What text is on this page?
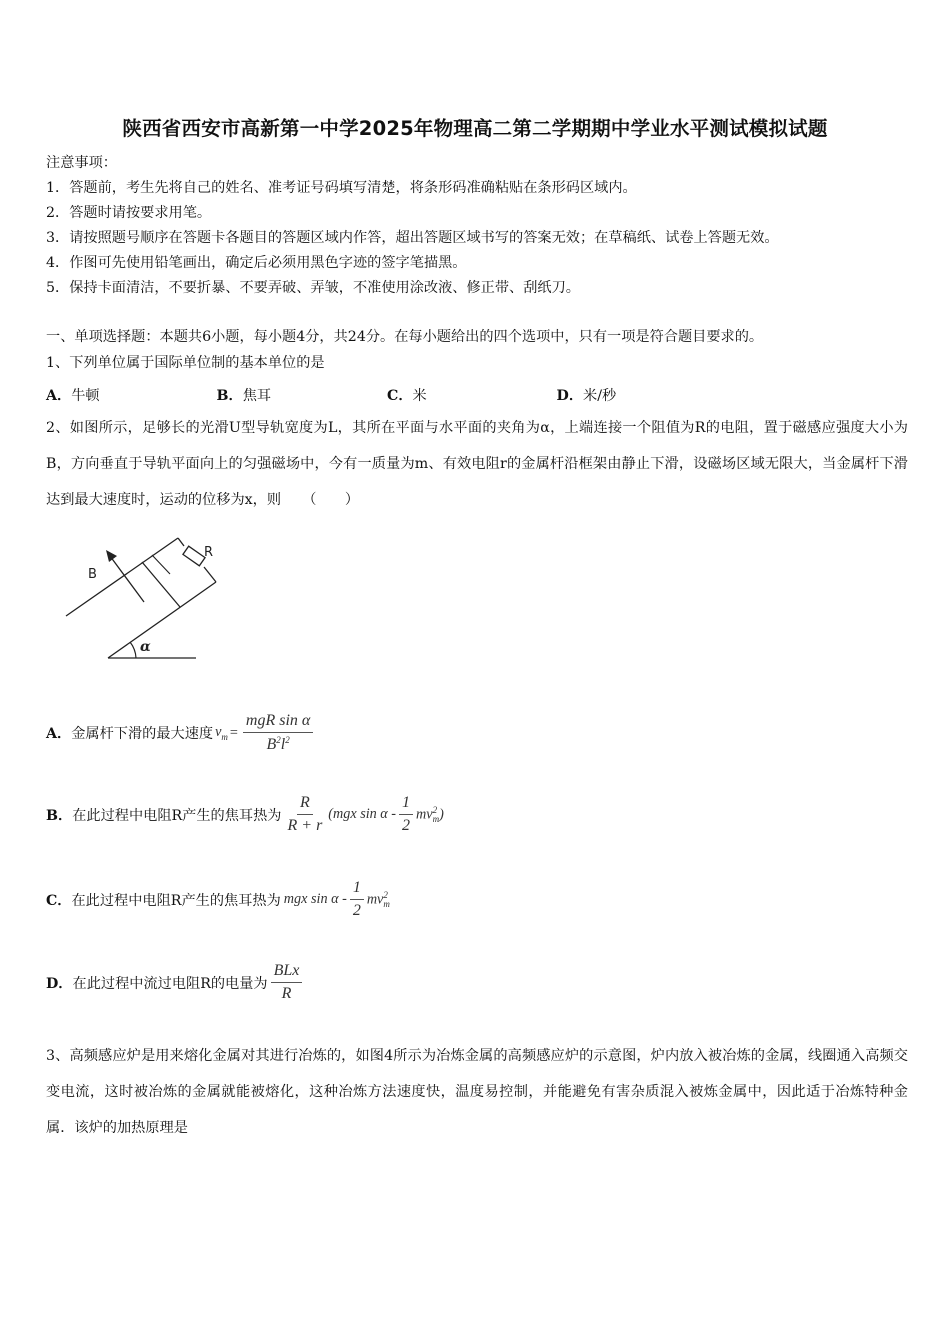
陕西省西安市高新第一中学2025年物理高二第二学期期中学业水平测试模拟试题
注意事项：
1．答题前，考生先将自己的姓名、准考证号码填写清楚，将条形码准确粘贴在条形码区域内。
2．答题时请按要求用笔。
3．请按照题号顺序在答题卡各题目的答题区域内作答，超出答题区域书写的答案无效；在草稿纸、试卷上答题无效。
4．作图可先使用铅笔画出，确定后必须用黑色字迹的签字笔描黑。
5．保持卡面清洁，不要折暴、不要弄破、弄皱，不准使用涂改液、修正带、刮纸刀。
一、单项选择题：本题共6小题，每小题4分，共24分。在每小题给出的四个选项中，只有一项是符合题目要求的。
1、下列单位属于国际单位制的基本单位的是
A．牛顿	B．焦耳	C．米	D．米/秒
2、如图所示，足够长的光滑U型导轨宽度为L，其所在平面与水平面的夹角为α，上端连接一个阻值为R的电阻，置于磁感应强度大小为B，方向垂直于导轨平面向上的匀强磁场中，今有一质量为m、有效电阻r的金属杆沿框架由静止下滑，设磁场区域无限大，当金属杆下滑达到最大速度时，运动的位移为x，则　　（　　）
B
R
α
A． 金属杆下滑的最大速度 $v_m = \frac{\text{mgR sin α}}{B^2l^2}$
B． 在此过程中电阻R产生的焦耳热为 $\frac{R}{R + r} (mgx$ sin α - $\frac{1}{2}$ mv 2
m )
C． 在此过程中电阻R产生的焦耳热为 mgx sin α - $\frac{1}{2}$ mv 2
m
D． 在此过程中流过电阻R的电量为 $\frac{\text{BLx}}{R}$
3、高频感应炉是用来熔化金属对其进行冶炼的，如图4所示为冶炼金属的高频感应炉的示意图，炉内放入被冶炼的金属，线圈通入高频交变电流，这时被冶炼的金属就能被熔化，这种冶炼方法速度快，温度易控制，并能避免有害杂质混入被炼金属中，因此适于冶炼特种金属．该炉的加热原理是
